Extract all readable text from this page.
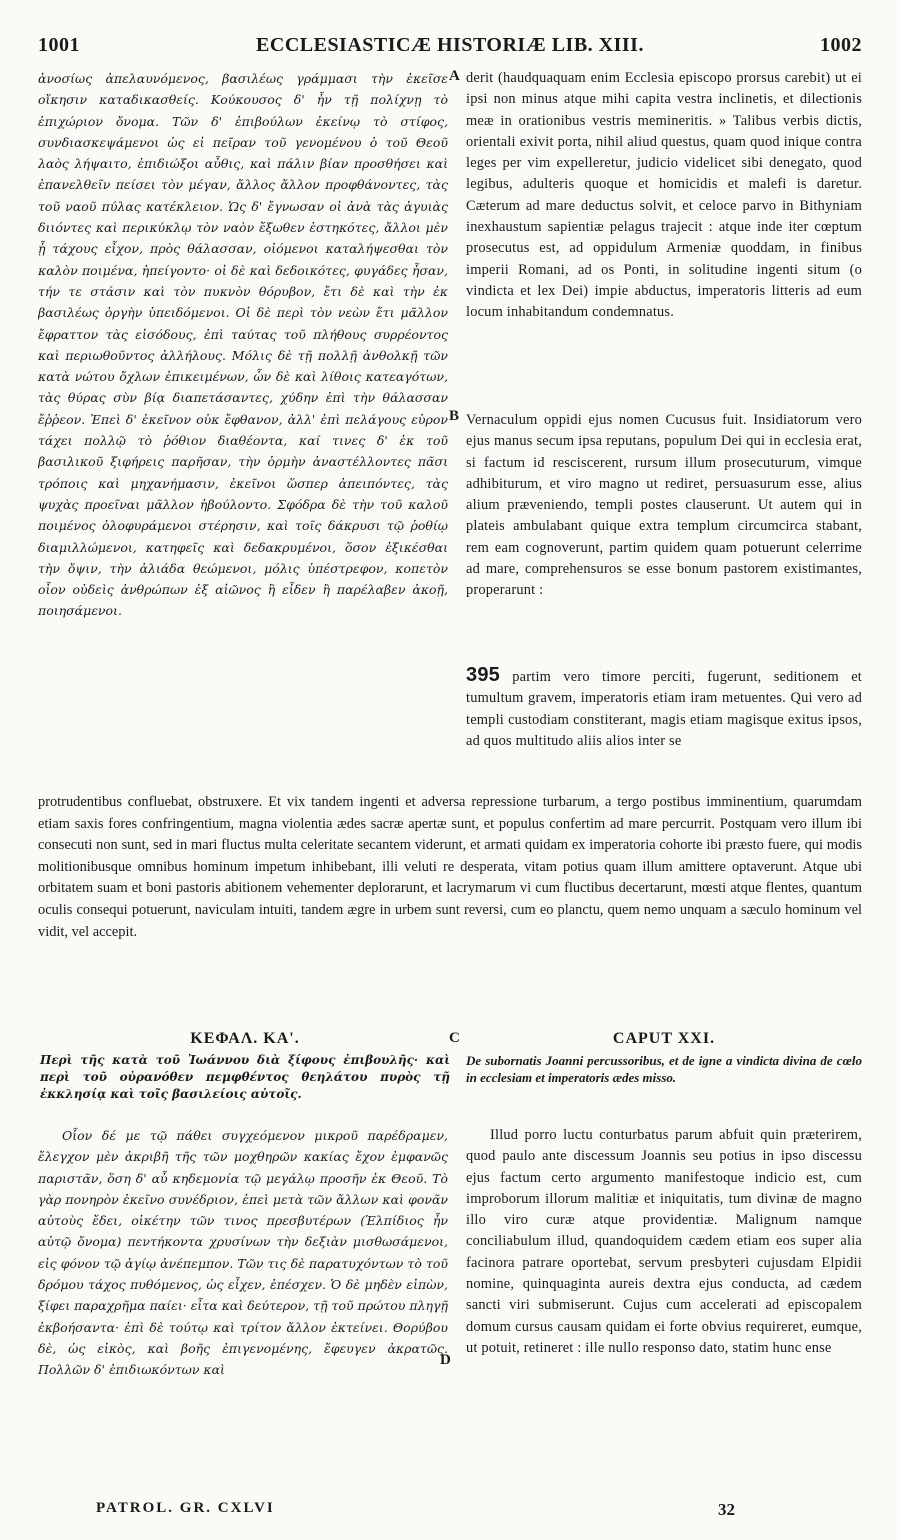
1001	ECCLESIASTICÆ HISTORIÆ LIB. XIII.	1002
ἀνοσίως ἀπελαυνόμενος, βασιλέως γράμμασι τὴν ἐκεῖσε οἴκησιν καταδικασθείς. Κούκουσος δ' ἦν τῇ πολίχνῃ τὸ ἐπιχώριον ὄνομα. Τῶν δ' ἐπιβούλων ἐκείνῳ τὸ στίφος, συνδιασκεψάμενοι ὡς εἰ πεῖραν τοῦ γενομένου ὁ τοῦ Θεοῦ λαὸς λήψαιτο, ἐπιδιώξοι αὖθις, καὶ πάλιν βίαν προσθήσει καὶ ἐπανελθεῖν πείσει τὸν μέγαν, ἄλλος ἄλλον προφθάνοντες, τὰς τοῦ ναοῦ πύλας κατέκλειον. Ὡς δ' ἔγνωσαν οἱ ἀνὰ τὰς ἀγυιὰς διιόντες καὶ περικύκλῳ τὸν ναὸν ἔξωθεν ἑστηκότες, ἄλλοι μὲν ᾗ τάχους εἶχον, πρὸς θάλασσαν, οἰόμενοι καταλήψεσθαι τὸν καλὸν ποιμένα, ἠπείγοντο· οἱ δὲ καὶ δεδοικότες, φυγάδες ἦσαν, τήν τε στάσιν καὶ τὸν πυκνὸν θόρυβον, ἔτι δὲ καὶ τὴν ἐκ βασιλέως ὀργὴν ὑπειδόμενοι. Οἱ δὲ περὶ τὸν νεὼν ἔτι μᾶλλον ἔφραττον τὰς εἰσόδους, ἐπὶ ταύτας τοῦ πλήθους συρρέοντος καὶ περιωθοῦντος ἀλλήλους. Μόλις δὲ τῇ πολλῇ ἀνθολκῇ τῶν κατὰ νώτου ὄχλων ἐπικειμένων, ὧν δὲ καὶ λίθοις κατεαγότων, τὰς θύρας σὺν βίᾳ διαπετάσαντες, χύδην ἐπὶ τὴν θάλασσαν ἔῤῥεον. Ἐπεὶ δ' ἐκεῖνον οὐκ ἔφθανον, ἀλλ' ἐπὶ πελάγους εὑρον τάχει πολλῷ τὸ ῥόθιον διαθέοντα, καί τινες δ' ἐκ τοῦ βασιλικοῦ ξιφήρεις παρῆσαν, τὴν ὁρμὴν ἀναστέλλοντες πᾶσι τρόποις καὶ μηχανήμασιν, ἐκεῖνοι ὥσπερ ἀπειπόντες, τὰς ψυχὰς προεῖναι μᾶλλον ἠβούλοντο. Σφόδρα δὲ τὴν τοῦ καλοῦ ποιμένος ὀλοφυράμενοι στέρησιν, καὶ τοῖς δάκρυσι τῷ ῥοθίῳ διαμιλλώμενοι, κατηφεῖς καὶ δεδακρυμένοι, ὅσον ἐξικέσθαι τὴν ὄψιν, τὴν ἀλιάδα θεώμενοι, μόλις ὑπέστρεφον, κοπετὸν οἷον οὐδεὶς ἀνθρώπων ἐξ αἰῶνος ἢ εἶδεν ἢ παρέλαβεν ἀκοῇ, ποιησάμενοι.
A
B
derit (haudquaquam enim Ecclesia episcopo prorsus carebit) ut ei ipsi non minus atque mihi capita vestra inclinetis, et dilectionis meæ in orationibus vestris memineritis. » Talibus verbis dictis, orientali exivit porta, nihil aliud questus, quam quod inique contra leges per vim expelleretur, judicio videlicet sibi denegato, quod legibus, adulteris quoque et homicidis et malefi is daretur. Cæterum ad mare deductus solvit, et celoce parvo in Bithyniam inexhaustum sapientiæ pelagus trajecit : atque inde iter cœptum prosecutus est, ad oppidulum Armeniæ quoddam, in finibus imperii Romani, ad os Ponti, in solitudine ingenti situm (o vindicta et lex Dei) impie abductus, imperatoris litteris ad eum locum inhabitandum condemnatus.
Vernaculum oppidi ejus nomen Cucusus fuit. Insidiatorum vero ejus manus secum ipsa reputans, populum Dei qui in ecclesia erat, si factum id resciscerent, rursum illum prosecuturum, vimque adhibiturum, et viro magno ut rediret, persuasurum esse, alius alium præveniendo, templi postes clauserunt. Ut autem qui in plateis ambulabant quique extra templum circumcirca stabant, rem eam cognoverunt, partim quidem quam potuerunt celerrime ad mare, comprehensuros se esse bonum pastorem existimantes, properarunt :
395 partim vero timore perciti, fugerunt, seditionem et tumultum gravem, imperatoris etiam iram metuentes. Qui vero ad templi custodiam constiterant, magis etiam magisque exitus ipsos, ad quos multitudo aliis alios inter se
protrudentibus confluebat, obstruxere. Et vix tandem ingenti et adversa repressione turbarum, a tergo postibus imminentium, quarumdam etiam saxis fores confringentium, magna violentia ædes sacræ apertæ sunt, et populus confertim ad mare percurrit. Postquam vero illum ibi consecuti non sunt, sed in mari fluctus multa celeritate secantem viderunt, et armati quidam ex imperatoria cohorte ibi præsto fuere, qui modis molitionibusque omnibus hominum impetum inhibebant, illi veluti re desperata, vitam potius quam illum amittere optaverunt. Atque ubi orbitatem suam et boni pastoris abitionem vehementer deplorarunt, et lacrymarum vi cum fluctibus decertarunt, mœsti atque flentes, quantum oculis consequi potuerunt, naviculam intuiti, tandem ægre in urbem sunt reversi, cum eo planctu, quem nemo unquam a sæculo hominum vel vidit, vel accepit.
C
ΚΕΦΑΛ. ΚΑ'.
Περὶ τῆς κατὰ τοῦ Ἰωάννου διὰ ξίφους ἐπιβουλῆς· καὶ περὶ τοῦ οὐρανόθεν πεμφθέντος θεηλάτου πυρὸς τῇ ἐκκλησίᾳ καὶ τοῖς βασιλείοις αὐτοῖς.
CAPUT XXI.
De subornatis Joanni percussoribus, et de igne a vindicta divina de cœlo in ecclesiam et imperatoris ædes misso.
Οἷον δέ με τῷ πάθει συγχεόμενον μικροῦ παρέδραμεν, ἔλεγχον μὲν ἀκριβῆ τῆς τῶν μοχθηρῶν κακίας ἔχον ἐμφανῶς παριστᾶν, ὅση δ' αὖ κηδεμονία τῷ μεγάλῳ προσῆν ἐκ Θεοῦ. Τὸ γὰρ πονηρὸν ἐκεῖνο συνέδριον, ἐπεὶ μετὰ τῶν ἄλλων καὶ φονᾶν αὐτοὺς ἔδει, οἰκέτην τῶν τινος πρεσβυτέρων (Ἐλπίδιος ἦν αὐτῷ ὄνομα) πεντήκοντα χρυσίνων τὴν δεξιὰν μισθωσάμενοι, εἰς φόνον τῷ ἁγίῳ ἀνέπεμπον. Τῶν τις δὲ παρατυχόντων τὸ τοῦ δρόμου τάχος πυθόμενος, ὡς εἶχεν, ἐπέσχεν. Ὁ δὲ μηδὲν εἰπὼν, ξίφει παραχρῆμα παίει· εἶτα καὶ δεύτερον, τῇ τοῦ πρώτου πληγῇ ἐκβοήσαντα· ἐπὶ δὲ τούτῳ καὶ τρίτον ἄλλον ἐκτείνει. Θορύβου δὲ, ὡς εἰκὸς, καὶ βοῆς ἐπιγενομένης, ἔφευγεν ἀκρατῶς. Πολλῶν δ' ἐπιδιωκόντων καὶ
D
Illud porro luctu conturbatus parum abfuit quin præterirem, quod paulo ante discessum Joannis seu potius in ipso discessu ejus factum certo argumento manifestoque indicio est, cum improborum illorum malitiæ et iniquitatis, tum divinæ de magno illo viro curæ atque providentiæ. Malignum namque conciliabulum illud, quandoquidem cædem etiam eos super alia facinora patrare oportebat, servum presbyteri cujusdam Elpidii nomine, quinquaginta aureis dextra ejus conducta, ad cædem sancti viri submiserunt. Cujus cum accelerati ad episcopalem domum cursus causam quidam ei forte obvius requireret, eumque, ut potuit, retineret : ille nullo responso dato, statim hunc ense
PATROL. GR. CXLVI	32
